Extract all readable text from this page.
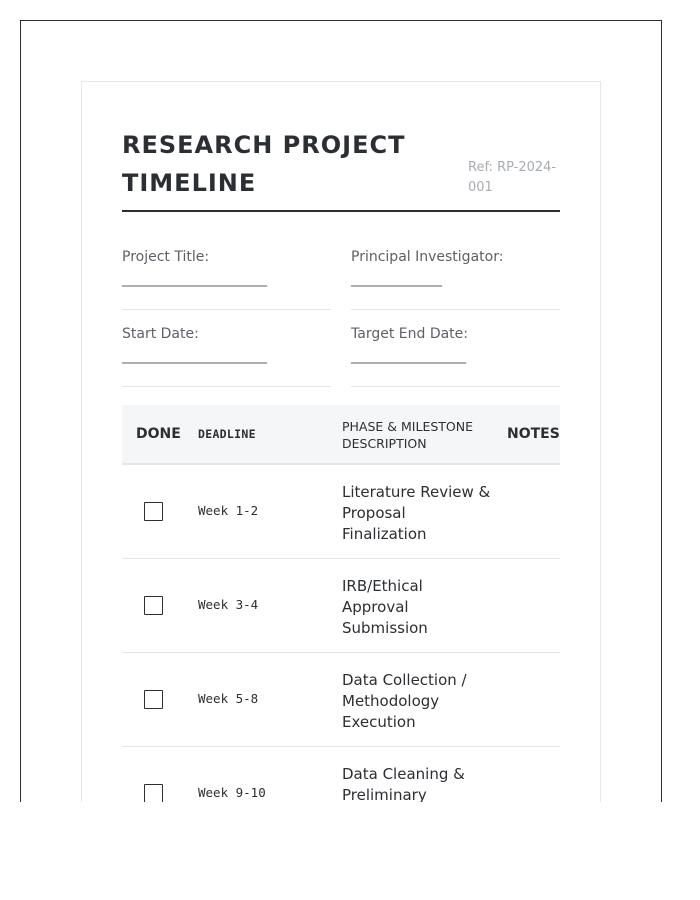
RESEARCH PROJECT TIMELINE
Ref: RP-2024-001
Project Title:
________________________
Principal Investigator:
_______________
Start Date:
________________________
Target End Date:
___________________
DONE DEADLINE	PHASE & MILESTONE DESCRIPTION
NOTES
Week 1-2
Literature Review & Proposal Finalization
Week 3-4
IRB/Ethical Approval Submission
Week 5-8
Data Collection / Methodology Execution
Week 9-10
Data Cleaning & Preliminary
